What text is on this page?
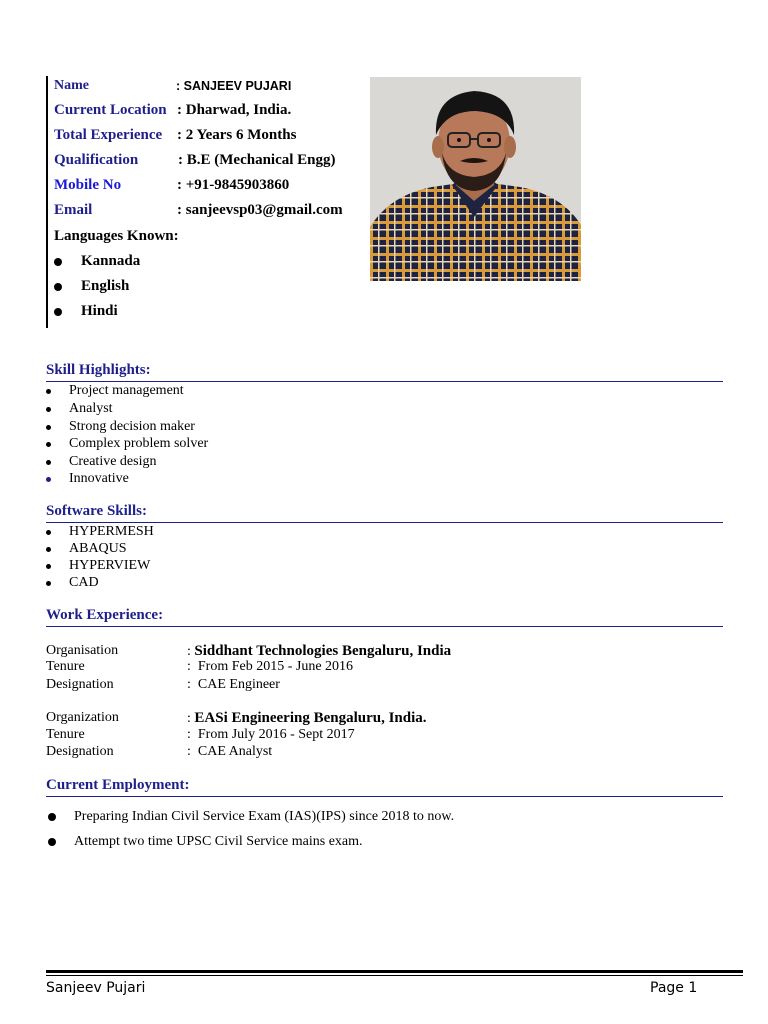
Name	: SANJEEV PUJARI
Current Location : Dharwad, India.
Total Experience : 2 Years 6 Months
Qualification	: B.E (Mechanical Engg)
Mobile No	: +91-9845903860
Email	: sanjeevsp03@gmail.com
Languages Known:
Kannada
English
Hindi
Skill Highlights:
Project management
Analyst
Strong decision maker
Complex problem solver
Creative design
Innovative
Software Skills:
HYPERMESH
ABAQUS
HYPERVIEW
CAD
Work Experience:
Organisation	: Siddhant Technologies Bengaluru, India
Tenure	:  From Feb 2015 - June 2016
Designation	:  CAE Engineer
Organization	: EASi Engineering Bengaluru, India.
Tenure	:  From July 2016 - Sept 2017
Designation	:  CAE Analyst
Current Employment:
Preparing Indian Civil Service Exam (IAS)(IPS) since 2018 to now.
Attempt two time UPSC Civil Service mains exam.
Sanjeev Pujari	Page 1
